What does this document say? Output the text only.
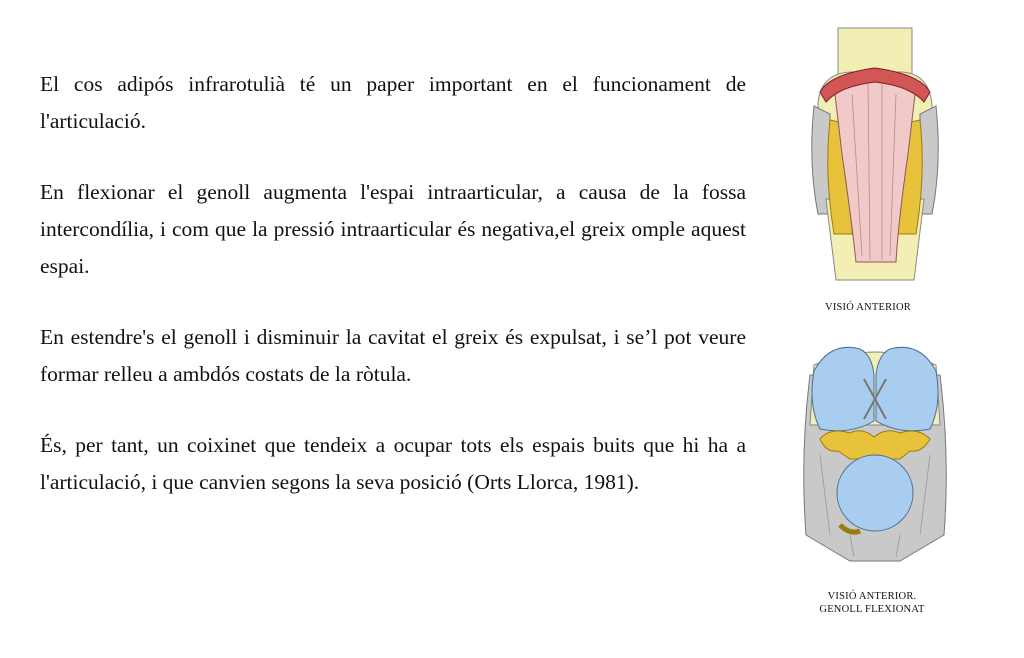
El cos adipós infrarotulià té un paper important en el funcionament de l'articulació.

En flexionar el genoll augmenta l'espai intraarticular, a causa de la fossa intercondília, i com que la pressió intraarticular és negativa,el greix omple aquest espai.

En estendre's el genoll i disminuir la cavitat el greix és expulsat, i se’l pot veure formar relleu a ambdós costats de la ròtula.

És, per tant, un coixinet que tendeix a ocupar tots els espais buits que hi ha a l'articulació, i que canvien segons la seva posició (Orts Llorca, 1981).

VISIÓ ANTERIOR
VISIÓ ANTERIOR.
GENOLL FLEXIONAT
